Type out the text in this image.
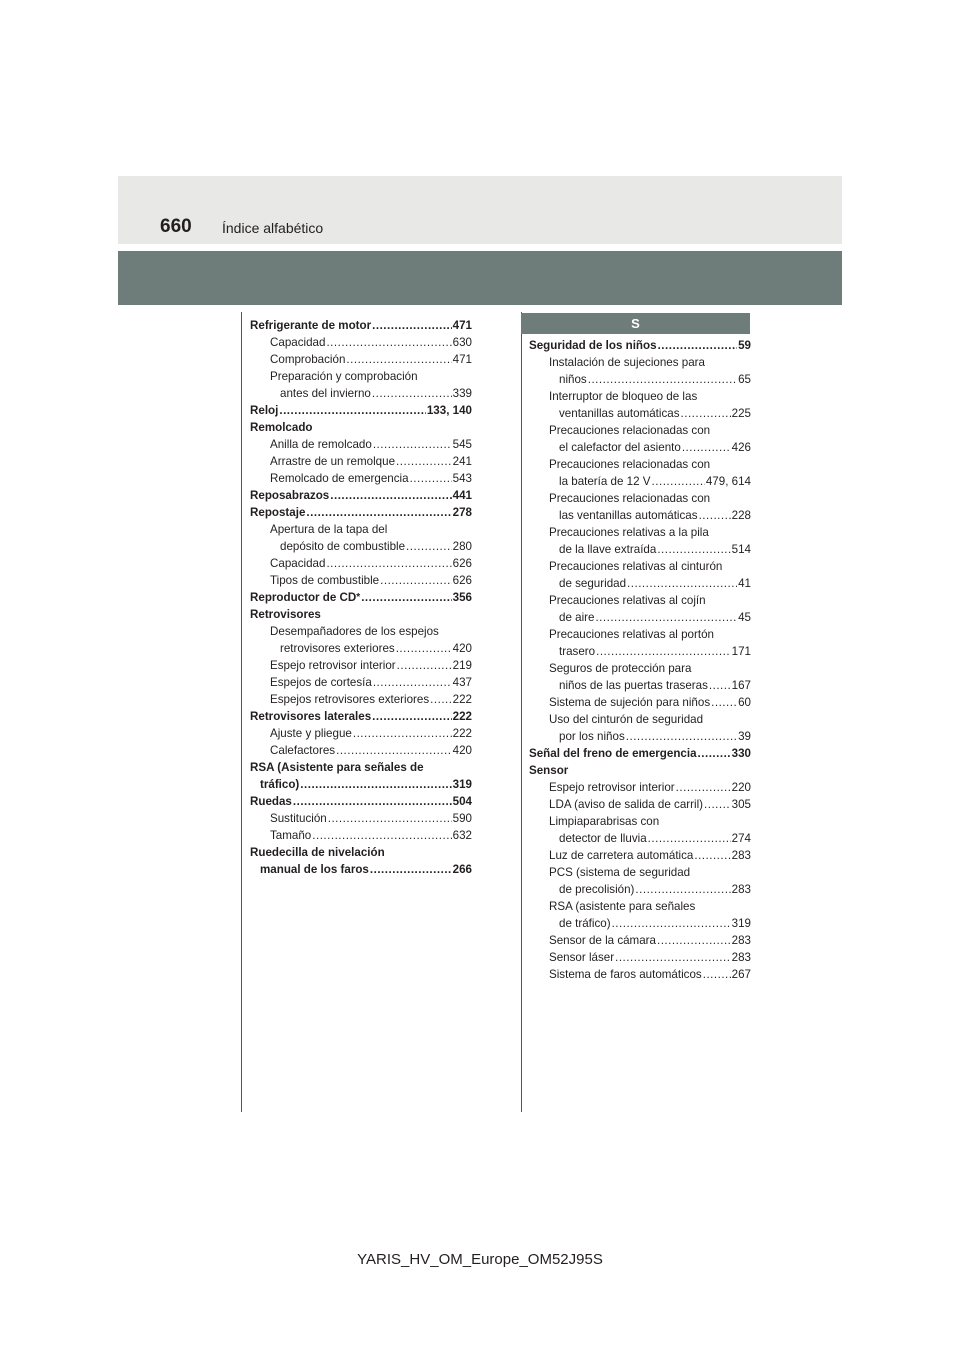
660 Índice alfabético
S
Refrigerante de motor .....	471
Capacidad .....	630
Comprobación .....	471
Preparación y comprobación
antes del invierno .....	339
Reloj .....	133, 140
Remolcado
Anilla de remolcado .....	545
Arrastre de un remolque .....	241
Remolcado de emergencia .....	543
Reposabrazos .....	441
Repostaje .....	278
Apertura de la tapa del
depósito de combustible .....	280
Capacidad .....	626
Tipos de combustible .....	626
Reproductor de CD * .....	356
Retrovisores
Desempañadores de los espejos
retrovisores exteriores .....	420
Espejo retrovisor interior .....	219
Espejos de cortesía .....	437
Espejos retrovisores exteriores ..... 222
Retrovisores laterales .....	222
Ajuste y pliegue .....	222
Calefactores .....	420
RSA (Asistente para señales de
tráfico) .....	319
Ruedas .....	504
Sustitución .....	590
Tamaño .....	632
Ruedecilla de nivelación
manual de los faros .....	266
Seguridad de los niños .....	59
Instalación de sujeciones para
niños .....	65
Interruptor de bloqueo de las
ventanillas automáticas .....	225
Precauciones relacionadas con
el calefactor del asiento .....	426
Precauciones relacionadas con
la batería de 12 V .....	479, 614
Precauciones relacionadas con
las ventanillas automáticas .....	228
Precauciones relativas a la pila
de la llave extraída .....	514
Precauciones relativas al cinturón
de seguridad .....	41
Precauciones relativas al cojín
de aire .....	45
Precauciones relativas al portón
trasero .....	171
Seguros de protección para
niños de las puertas traseras ..... 167
Sistema de sujeción para niños ..... 60
Uso del cinturón de seguridad
por los niños .....	39
Señal del freno de emergencia .....	330
Sensor
Espejo retrovisor interior .....	220
LDA (aviso de salida de carril) ..... 305
Limpiaparabrisas con
detector de lluvia .....	274
Luz de carretera automática .....	283
PCS (sistema de seguridad
de precolisión) .....	283
RSA (asistente para señales
de tráfico) .....	319
Sensor de la cámara .....	283
Sensor láser .....	283
Sistema de faros automáticos .....	267
YARIS_HV_OM_Europe_OM52J95S
